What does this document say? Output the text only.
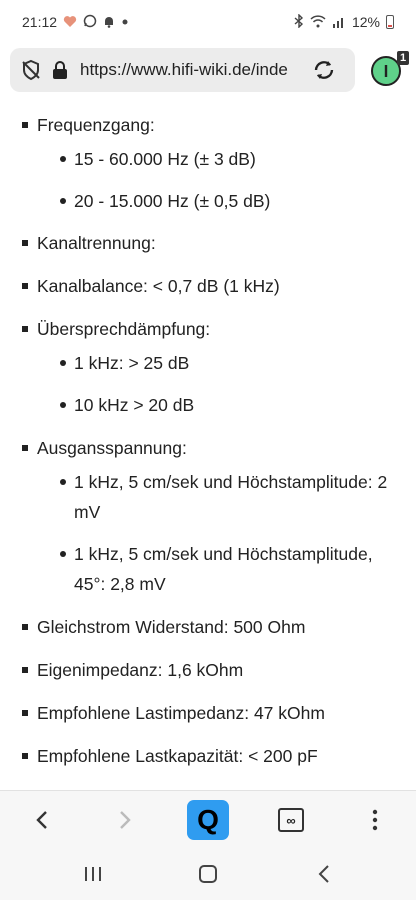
21:12	12%
https://www.hifi-wiki.de/inde
1
Frequenzgang:
15 - 60.000 Hz (± 3 dB)
20 - 15.000 Hz (± 0,5 dB)
Kanaltrennung:
Kanalbalance: < 0,7 dB (1 kHz)
Übersprechdämpfung:
1 kHz: > 25 dB
10 kHz > 20 dB
Ausgansspannung:
1 kHz, 5 cm/sek und Höchstamplitude: 2 mV
1 kHz, 5 cm/sek und Höchstamplitude, 45°: 2,8 mV
Gleichstrom Widerstand: 500 Ohm
Eigenimpedanz: 1,6 kOhm
Empfohlene Lastimpedanz: 47 kOhm
Empfohlene Lastkapazität: < 200 pF
Q	∞
